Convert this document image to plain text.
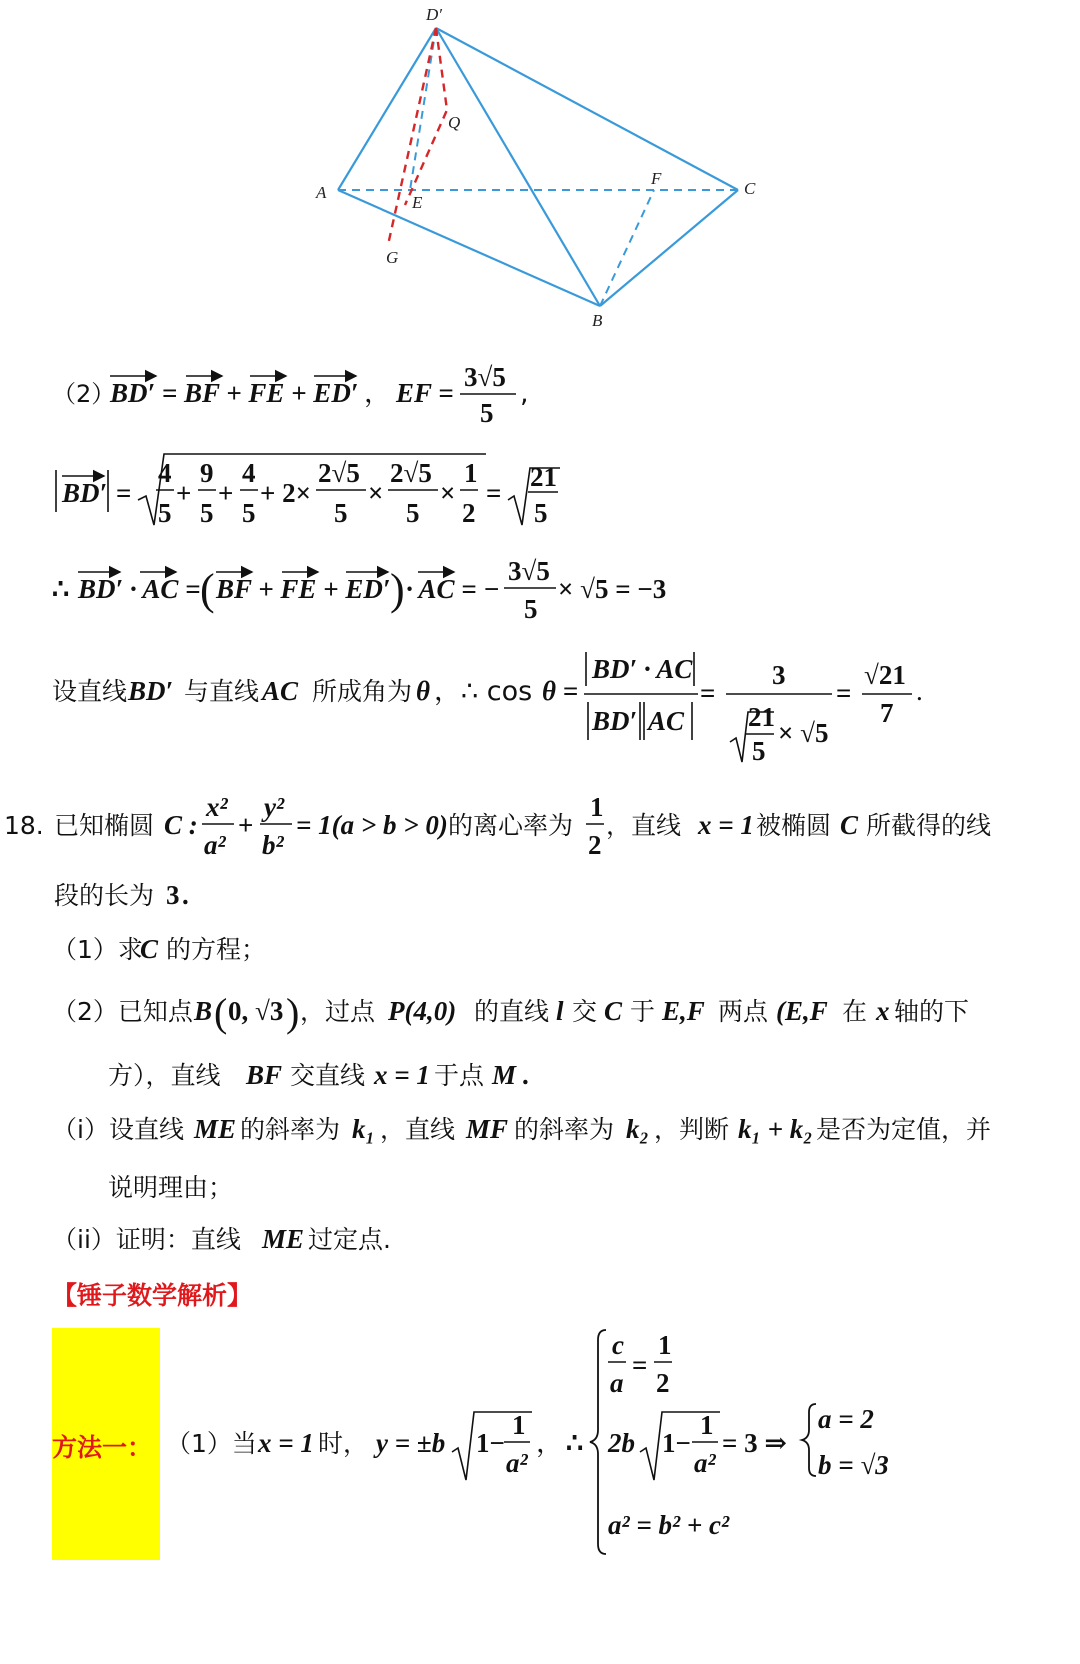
D′
Q
A
E
F
C
G
B
（2）
BD′ = BF + FE + ED′ ， EF =
3√5
5
,
BD′ =
4
5
+
9
5
+
4
5
+ 2×
2√5
5
×
2√5
5
×
1
2
=
21
5
∴ BD′ · AC = ( BF + FE + ED′ ) · AC = −
3√5
5
× √5 = −3
设直线 BD′ 与直线 AC 所成角为 θ ，∴ cos θ =
BD′ · AC
BD′ AC
=
3
21
5
× √5
=
√21
7
.
18. 已知椭圆 C :
x²
a²
+
y²
b²
= 1(a > b > 0) 的离心率为
1
2
，直线 x = 1 被椭圆 C 所截得的线
段的长为 3 .
（1）求
C 的方程；
（2）已知点 B ( 0, √3 ) ，过点 P(4,0) 的直线 l 交 C 于 E,F 两点 (E,F 在 x 轴的下
方），直线 BF 交直线 x = 1 于点 M .
（i）设直线 ME 的斜率为 k₁ ，直线 MF 的斜率为 k₂ ，判断 k₁ + k₂ 是否为定值，并
说明理由；
（ii）证明：直线 ME 过定点.
【锤子数学解析】
方法一： （1）当 x = 1 时， y = ±b 1−
1
a²
， ∴
c
a
=
1
2
2b 1−
1
a²
= 3 ⇒
a = 2
b = √3
a² = b² + c²
